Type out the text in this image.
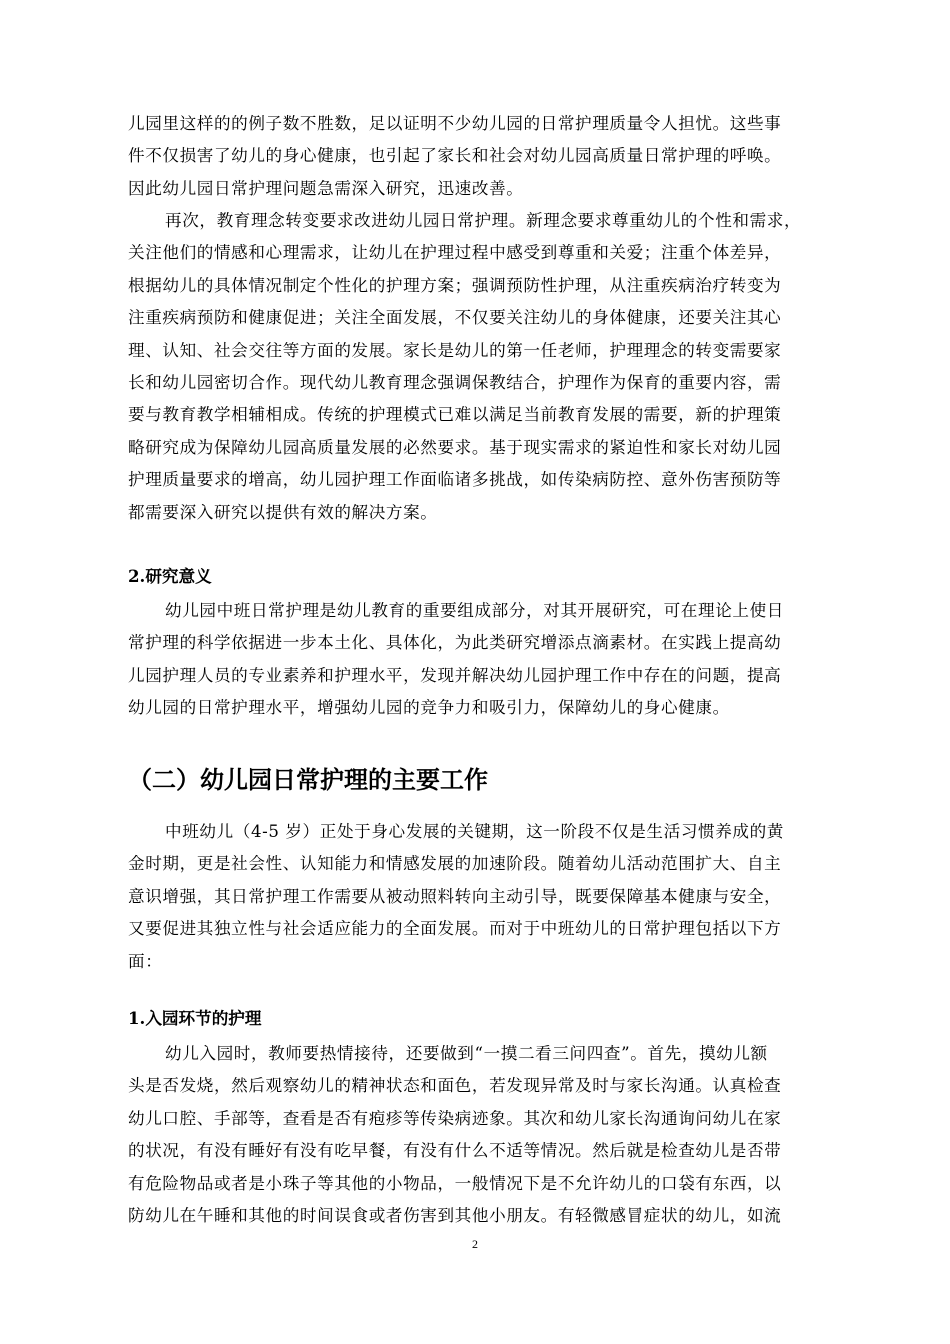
儿园里这样的的例子数不胜数，足以证明不少幼儿园的日常护理质量令人担忧。这些事
件不仅损害了幼儿的身心健康，也引起了家长和社会对幼儿园高质量日常护理的呼唤。
因此幼儿园日常护理问题急需深入研究，迅速改善。
再次，教育理念转变要求改进幼儿园日常护理。新理念要求尊重幼儿的个性和需求，
关注他们的情感和心理需求，让幼儿在护理过程中感受到尊重和关爱；注重个体差异，
根据幼儿的具体情况制定个性化的护理方案；强调预防性护理，从注重疾病治疗转变为
注重疾病预防和健康促进；关注全面发展，不仅要关注幼儿的身体健康，还要关注其心
理、认知、社会交往等方面的发展。家长是幼儿的第一任老师，护理理念的转变需要家
长和幼儿园密切合作。现代幼儿教育理念强调保教结合，护理作为保育的重要内容，需
要与教育教学相辅相成。传统的护理模式已难以满足当前教育发展的需要，新的护理策
略研究成为保障幼儿园高质量发展的必然要求。基于现实需求的紧迫性和家长对幼儿园
护理质量要求的增高，幼儿园护理工作面临诸多挑战，如传染病防控、意外伤害预防等
都需要深入研究以提供有效的解决方案。
2.研究意义
幼儿园中班日常护理是幼儿教育的重要组成部分，对其开展研究，可在理论上使日
常护理的科学依据进一步本土化、具体化，为此类研究增添点滴素材。在实践上提高幼
儿园护理人员的专业素养和护理水平，发现并解决幼儿园护理工作中存在的问题，提高
幼儿园的日常护理水平，增强幼儿园的竞争力和吸引力，保障幼儿的身心健康。
（二）幼儿园日常护理的主要工作
中班幼儿（4-5 岁）正处于身心发展的关键期，这一阶段不仅是生活习惯养成的黄
金时期，更是社会性、认知能力和情感发展的加速阶段。随着幼儿活动范围扩大、自主
意识增强，其日常护理工作需要从被动照料转向主动引导，既要保障基本健康与安全，
又要促进其独立性与社会适应能力的全面发展。而对于中班幼儿的日常护理包括以下方
面：
1.入园环节的护理
幼儿入园时，教师要热情接待，还要做到“一摸二看三问四查”。首先，摸幼儿额
头是否发烧，然后观察幼儿的精神状态和面色，若发现异常及时与家长沟通。认真检查
幼儿口腔、手部等，查看是否有疱疹等传染病迹象。其次和幼儿家长沟通询问幼儿在家
的状况，有没有睡好有没有吃早餐，有没有什么不适等情况。然后就是检查幼儿是否带
有危险物品或者是小珠子等其他的小物品，一般情况下是不允许幼儿的口袋有东西，以
防幼儿在午睡和其他的时间误食或者伤害到其他小朋友。有轻微感冒症状的幼儿，如流
2
